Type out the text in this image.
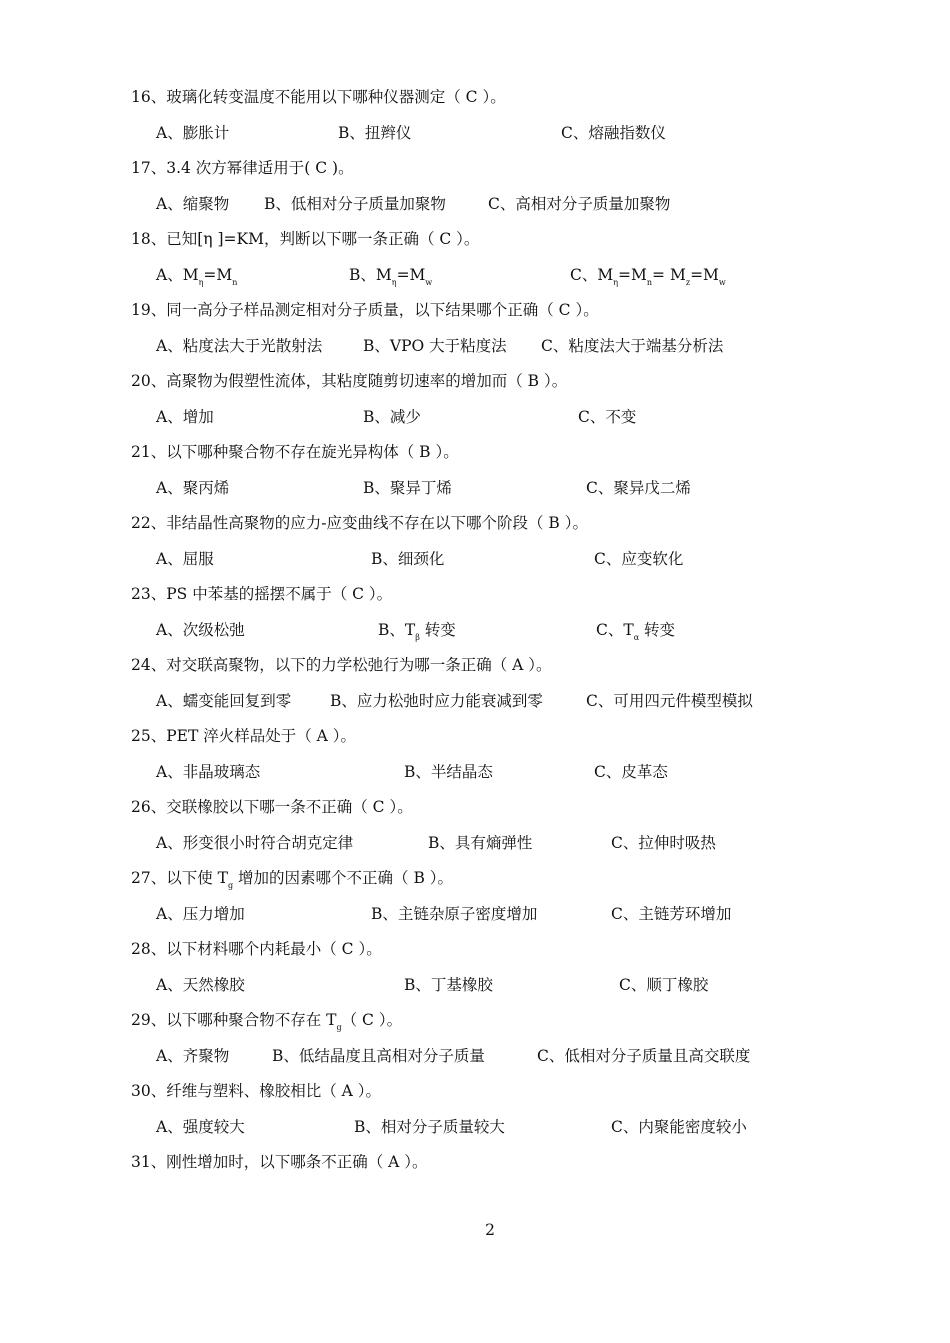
16、玻璃化转变温度不能用以下哪种仪器测定（ C ）。
A、膨胀计	B、扭辫仪	C、熔融指数仪
17、3.4 次方幂律适用于( C )。
A、缩聚物 B、低相对分子质量加聚物	C、高相对分子质量加聚物
18、已知[η ]=KM，判断以下哪一条正确（ C ）。
A、$M_\eta=M_n$	B、$M_\eta=M_w$	C、$M_\eta=M_n= M_z=M_w$
19、同一高分子样品测定相对分子质量，以下结果哪个正确（ C ）。
A、粘度法大于光散射法	B、VPO 大于粘度法 C、粘度法大于端基分析法
20、高聚物为假塑性流体，其粘度随剪切速率的增加而（ B ）。
A、增加	B、减少	C、不变
21、以下哪种聚合物不存在旋光异构体（ B ）。
A、聚丙烯	B、聚异丁烯	C、聚异戊二烯
22、非结晶性高聚物的应力-应变曲线不存在以下哪个阶段（ B ）。
A、屈服	B、细颈化	C、应变软化
23、PS 中苯基的摇摆不属于（ C ）。
A、次级松弛	B、$T_\beta$ 转变	C、$T_\alpha$ 转变
24、对交联高聚物，以下的力学松弛行为哪一条正确（ A ）。
A、蠕变能回复到零	B、应力松弛时应力能衰减到零	C、可用四元件模型模拟
25、PET 淬火样品处于（ A ）。
A、非晶玻璃态	B、半结晶态	C、皮革态
26、交联橡胶以下哪一条不正确（ C ）。
A、形变很小时符合胡克定律	B、具有熵弹性	C、拉伸时吸热
27、以下使 $T_g$ 增加的因素哪个不正确（ B ）。
A、压力增加	B、主链杂原子密度增加	C、主链芳环增加
28、以下材料哪个内耗最小（ C ）。
A、天然橡胶	B、丁基橡胶	C、顺丁橡胶
29、以下哪种聚合物不存在 $T_g$（ C ）。
A、齐聚物	B、低结晶度且高相对分子质量	C、低相对分子质量且高交联度
30、纤维与塑料、橡胶相比（ A ）。
A、强度较大	B、相对分子质量较大	C、内聚能密度较小
31、刚性增加时，以下哪条不正确（ A ）。
2
